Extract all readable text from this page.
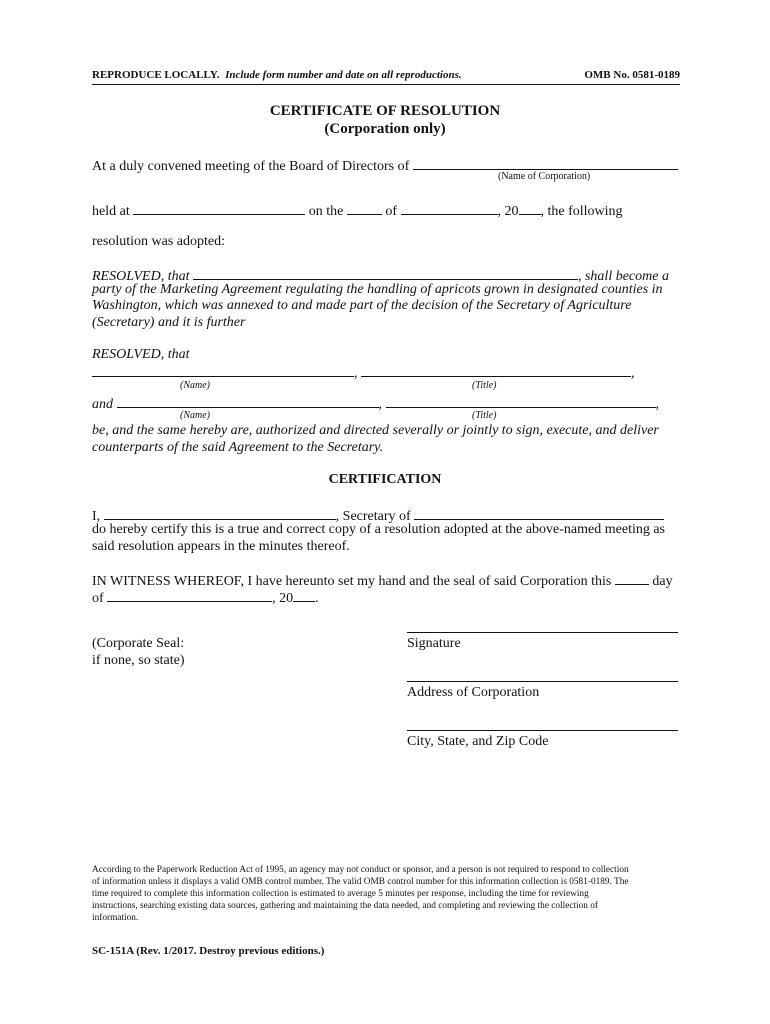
REPRODUCE LOCALLY. Include form number and date on all reproductions.	OMB No. 0581-0189
CERTIFICATE OF RESOLUTION
(Corporation only)
At a duly convened meeting of the Board of Directors of
(Name of Corporation)
held at	on the	of	, 20 , the following
resolution was adopted:
RESOLVED, that	, shall become a
party of the Marketing Agreement regulating the handling of apricots grown in designated counties in
Washington, which was annexed to and made part of the decision of the Secretary of Agriculture
(Secretary) and it is further
RESOLVED, that
,	,
(Name)	(Title)
and	,	,
(Name)	(Title)
be, and the same hereby are, authorized and directed severally or jointly to sign, execute, and deliver
counterparts of the said Agreement to the Secretary.
CERTIFICATION
I,	, Secretary of
do hereby certify this is a true and correct copy of a resolution adopted at the above-named meeting as
said resolution appears in the minutes thereof.
IN WITNESS WHEREOF, I have hereunto set my hand and the seal of said Corporation this	day
of	, 20 .
(Corporate Seal:
if none, so state)
Signature
Address of Corporation
City, State, and Zip Code
According to the Paperwork Reduction Act of 1995, an agency may not conduct or sponsor, and a person is not required to respond to collection
of information unless it displays a valid OMB control number. The valid OMB control number for this information collection is 0581-0189. The
time required to complete this information collection is estimated to average 5 minutes per response, including the time for reviewing
instructions, searching existing data sources, gathering and maintaining the data needed, and completing and reviewing the collection of
information.
SC-151A (Rev. 1/2017. Destroy previous editions.)
